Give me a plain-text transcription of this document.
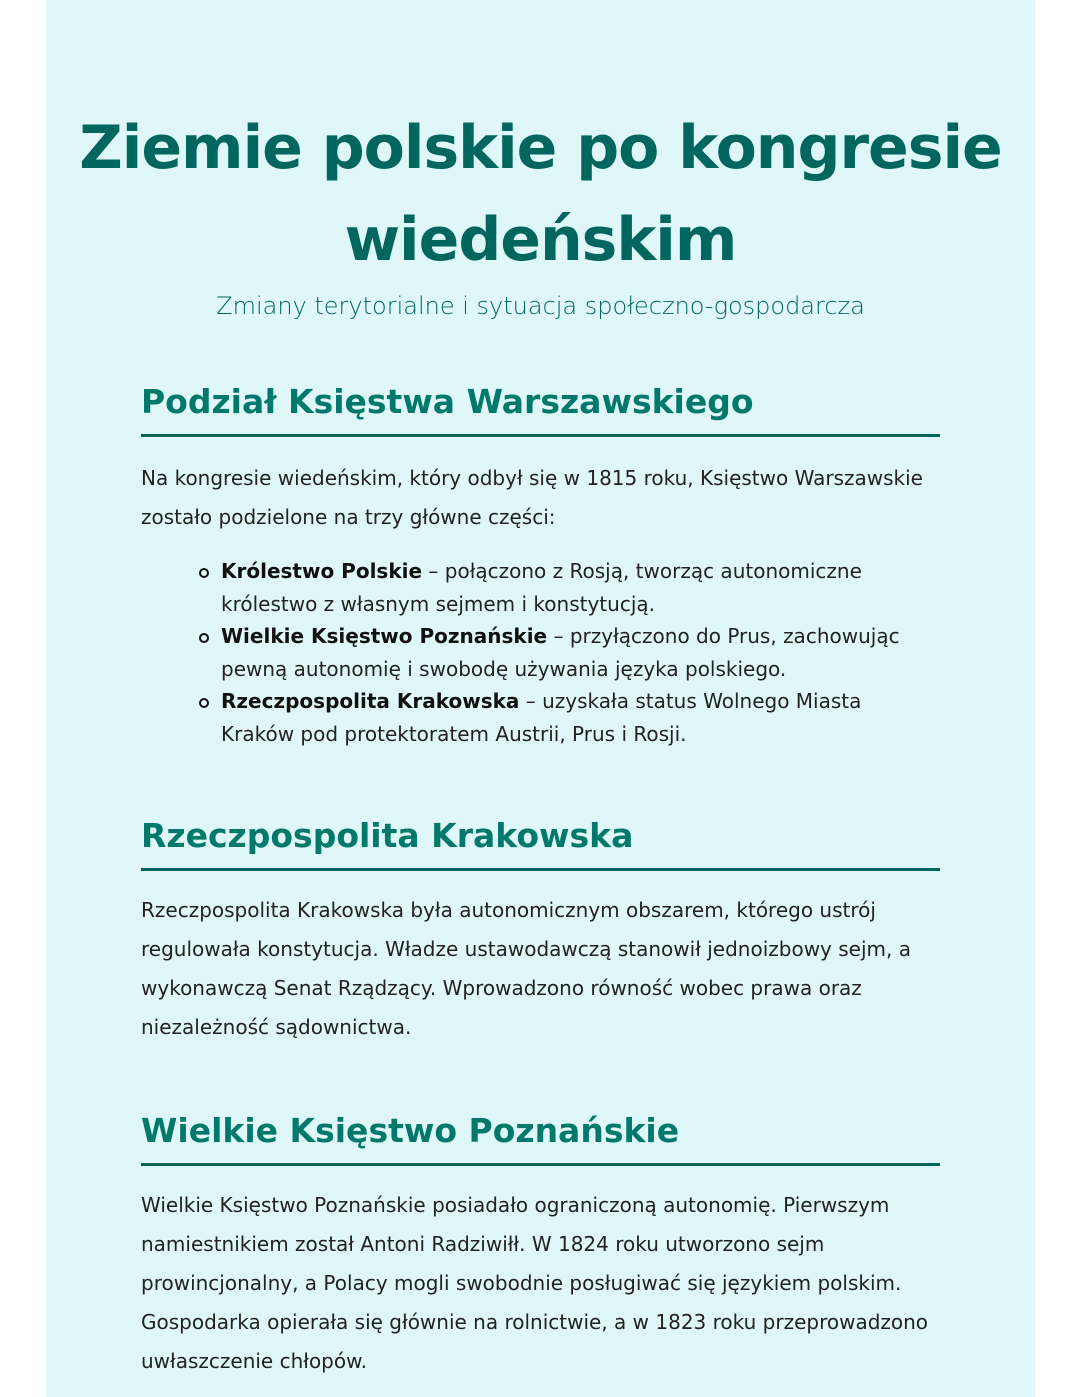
Ziemie polskie po kongresie wiedeńskim
Zmiany terytorialne i sytuacja społeczno-gospodarcza
Podział Księstwa Warszawskiego

Na kongresie wiedeńskim, który odbył się w 1815 roku, Księstwo Warszawskie zostało podzielone na trzy główne części:

Królestwo Polskie – połączono z Rosją, tworząc autonomiczne królestwo z własnym sejmem i konstytucją.
Wielkie Księstwo Poznańskie – przyłączono do Prus, zachowując pewną autonomię i swobodę używania języka polskiego.
Rzeczpospolita Krakowska – uzyskała status Wolnego Miasta Kraków pod protektoratem Austrii, Prus i Rosji.
Rzeczpospolita Krakowska

Rzeczpospolita Krakowska była autonomicznym obszarem, którego ustrój regulowała konstytucja. Władze ustawodawczą stanowił jednoizbowy sejm, a wykonawczą Senat Rządzący. Wprowadzono równość wobec prawa oraz niezależność sądownictwa.

Wielkie Księstwo Poznańskie

Wielkie Księstwo Poznańskie posiadało ograniczoną autonomię. Pierwszym namiestnikiem został Antoni Radziwiłł. W 1824 roku utworzono sejm prowincjonalny, a Polacy mogli swobodnie posługiwać się językiem polskim. Gospodarka opierała się głównie na rolnictwie, a w 1823 roku przeprowadzono uwłaszczenie chłopów.
